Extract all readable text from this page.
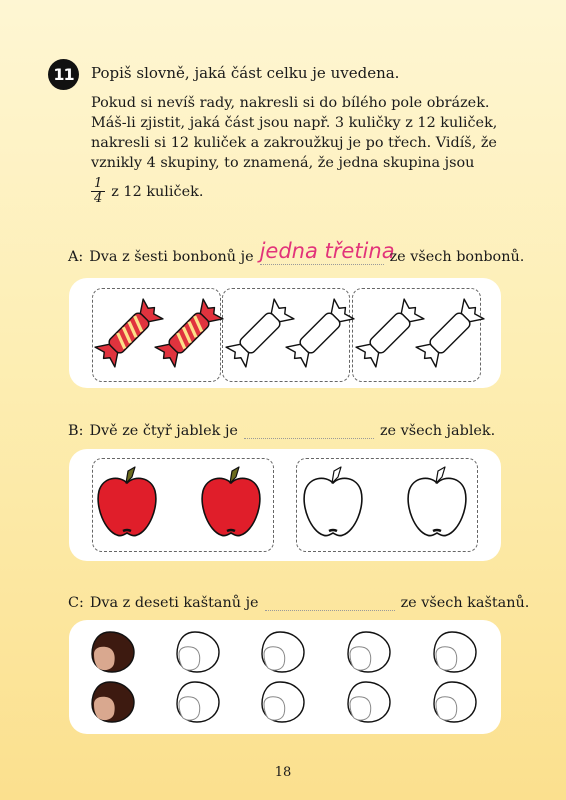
11	Popiš slovně, jaká část celku je uvedena.

Pokud si nevíš rady, nakresli si do bílého pole obrázek.

Máš-li zjistit, jaká část jsou např. 3 kuličky z 12 kuliček, nakresli si 12 kuliček a zakroužkuj je po třech. Vidíš, že vznikly 4 skupiny, to znamená, že jedna skupina jsou

$\frac{1}{4}$ z 12 kuliček.
A: Dva z šesti bonbonů je jedna třetina
ze všech bonbonů.
B: Dvě ze čtyř jablek je	ze všech jablek.
C: Dva z deseti kaštanů je	ze všech kaštanů.
18
